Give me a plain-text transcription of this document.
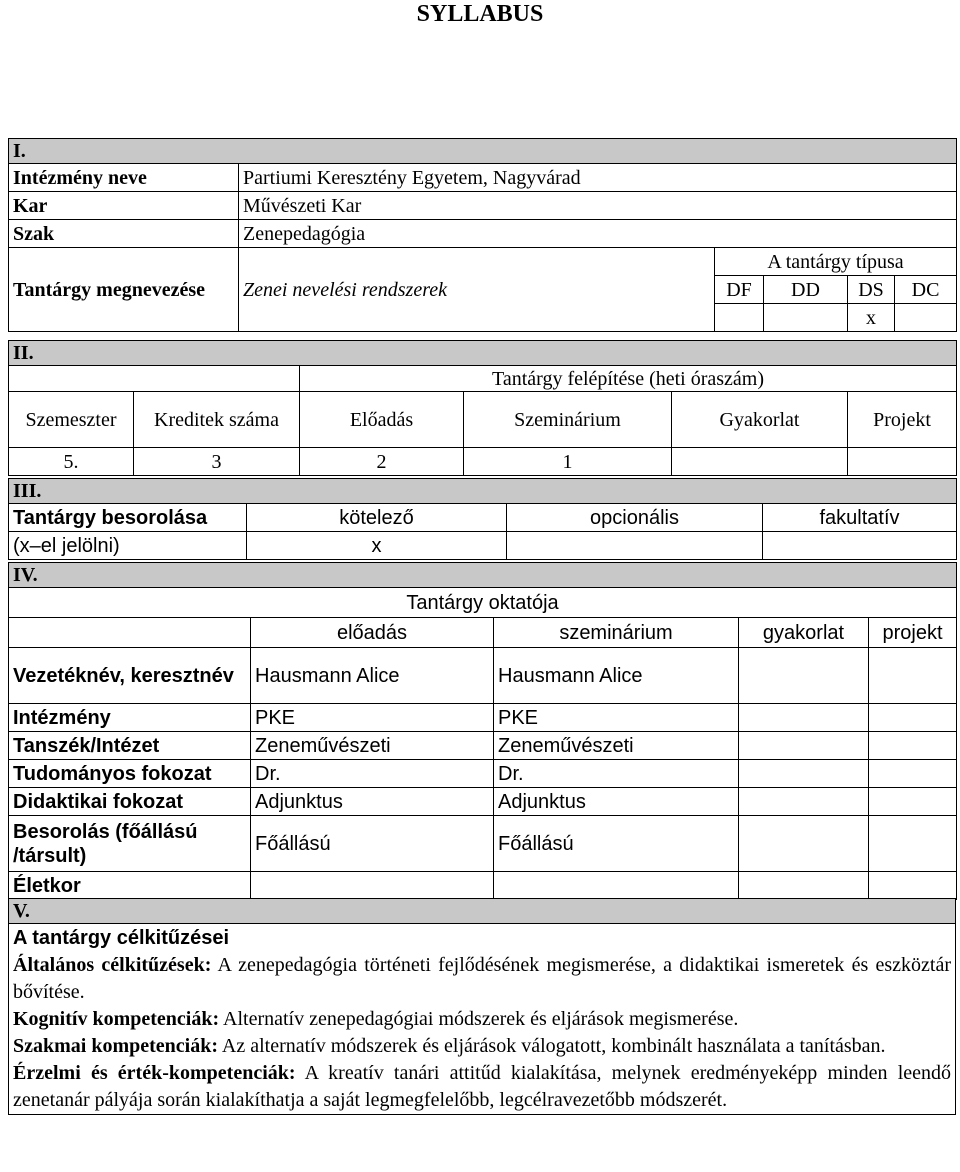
SYLLABUS
I.					
Intézmény neve	Partiumi Keresztény Egyetem, Nagyvárad				
Kar	Művészeti Kar				
Szak	Zenepedagógia				
Tantárgy megnevezése	Zenei nevelési rendszerek	A tantárgy típusa			
		DF	DD	DS	DC
				x	
II.					
		Tantárgy felépítése (heti óraszám)			
Szemeszter	Kreditek száma	Előadás	Szeminárium	Gyakorlat	Projekt
5.	3	2	1		
III.			
Tantárgy besorolása	kötelező	opcionális	fakultatív
(x–el jelölni)	x		
IV.				
Tantárgy oktatója				
	előadás	szeminárium	gyakorlat	projekt
Vezetéknév, keresztnév	Hausmann Alice	Hausmann Alice		
Intézmény	PKE	PKE		
Tanszék/Intézet	Zeneművészeti	Zeneművészeti		
Tudományos fokozat	Dr.	Dr.		
Didaktikai fokozat	Adjunktus	Adjunktus		
Besorolás (főállású /társult)	Főállású	Főállású		
Életkor				
V.

A tantárgy célkitűzései
Általános célkitűzések: A zenepedagógia történeti fejlődésének megismerése, a didaktikai ismeretek és eszköztár bővítése.
Kognitív kompetenciák: Alternatív zenepedagógiai módszerek és eljárások megismerése.
Szakmai kompetenciák: Az alternatív módszerek és eljárások válogatott, kombinált használata a tanításban.
Érzelmi és érték-kompetenciák: A kreatív tanári attitűd kialakítása, melynek eredményeképp minden leendő zenetanár pályája során kialakíthatja a saját legmegfelelőbb, legcélravezetőbb módszerét.
